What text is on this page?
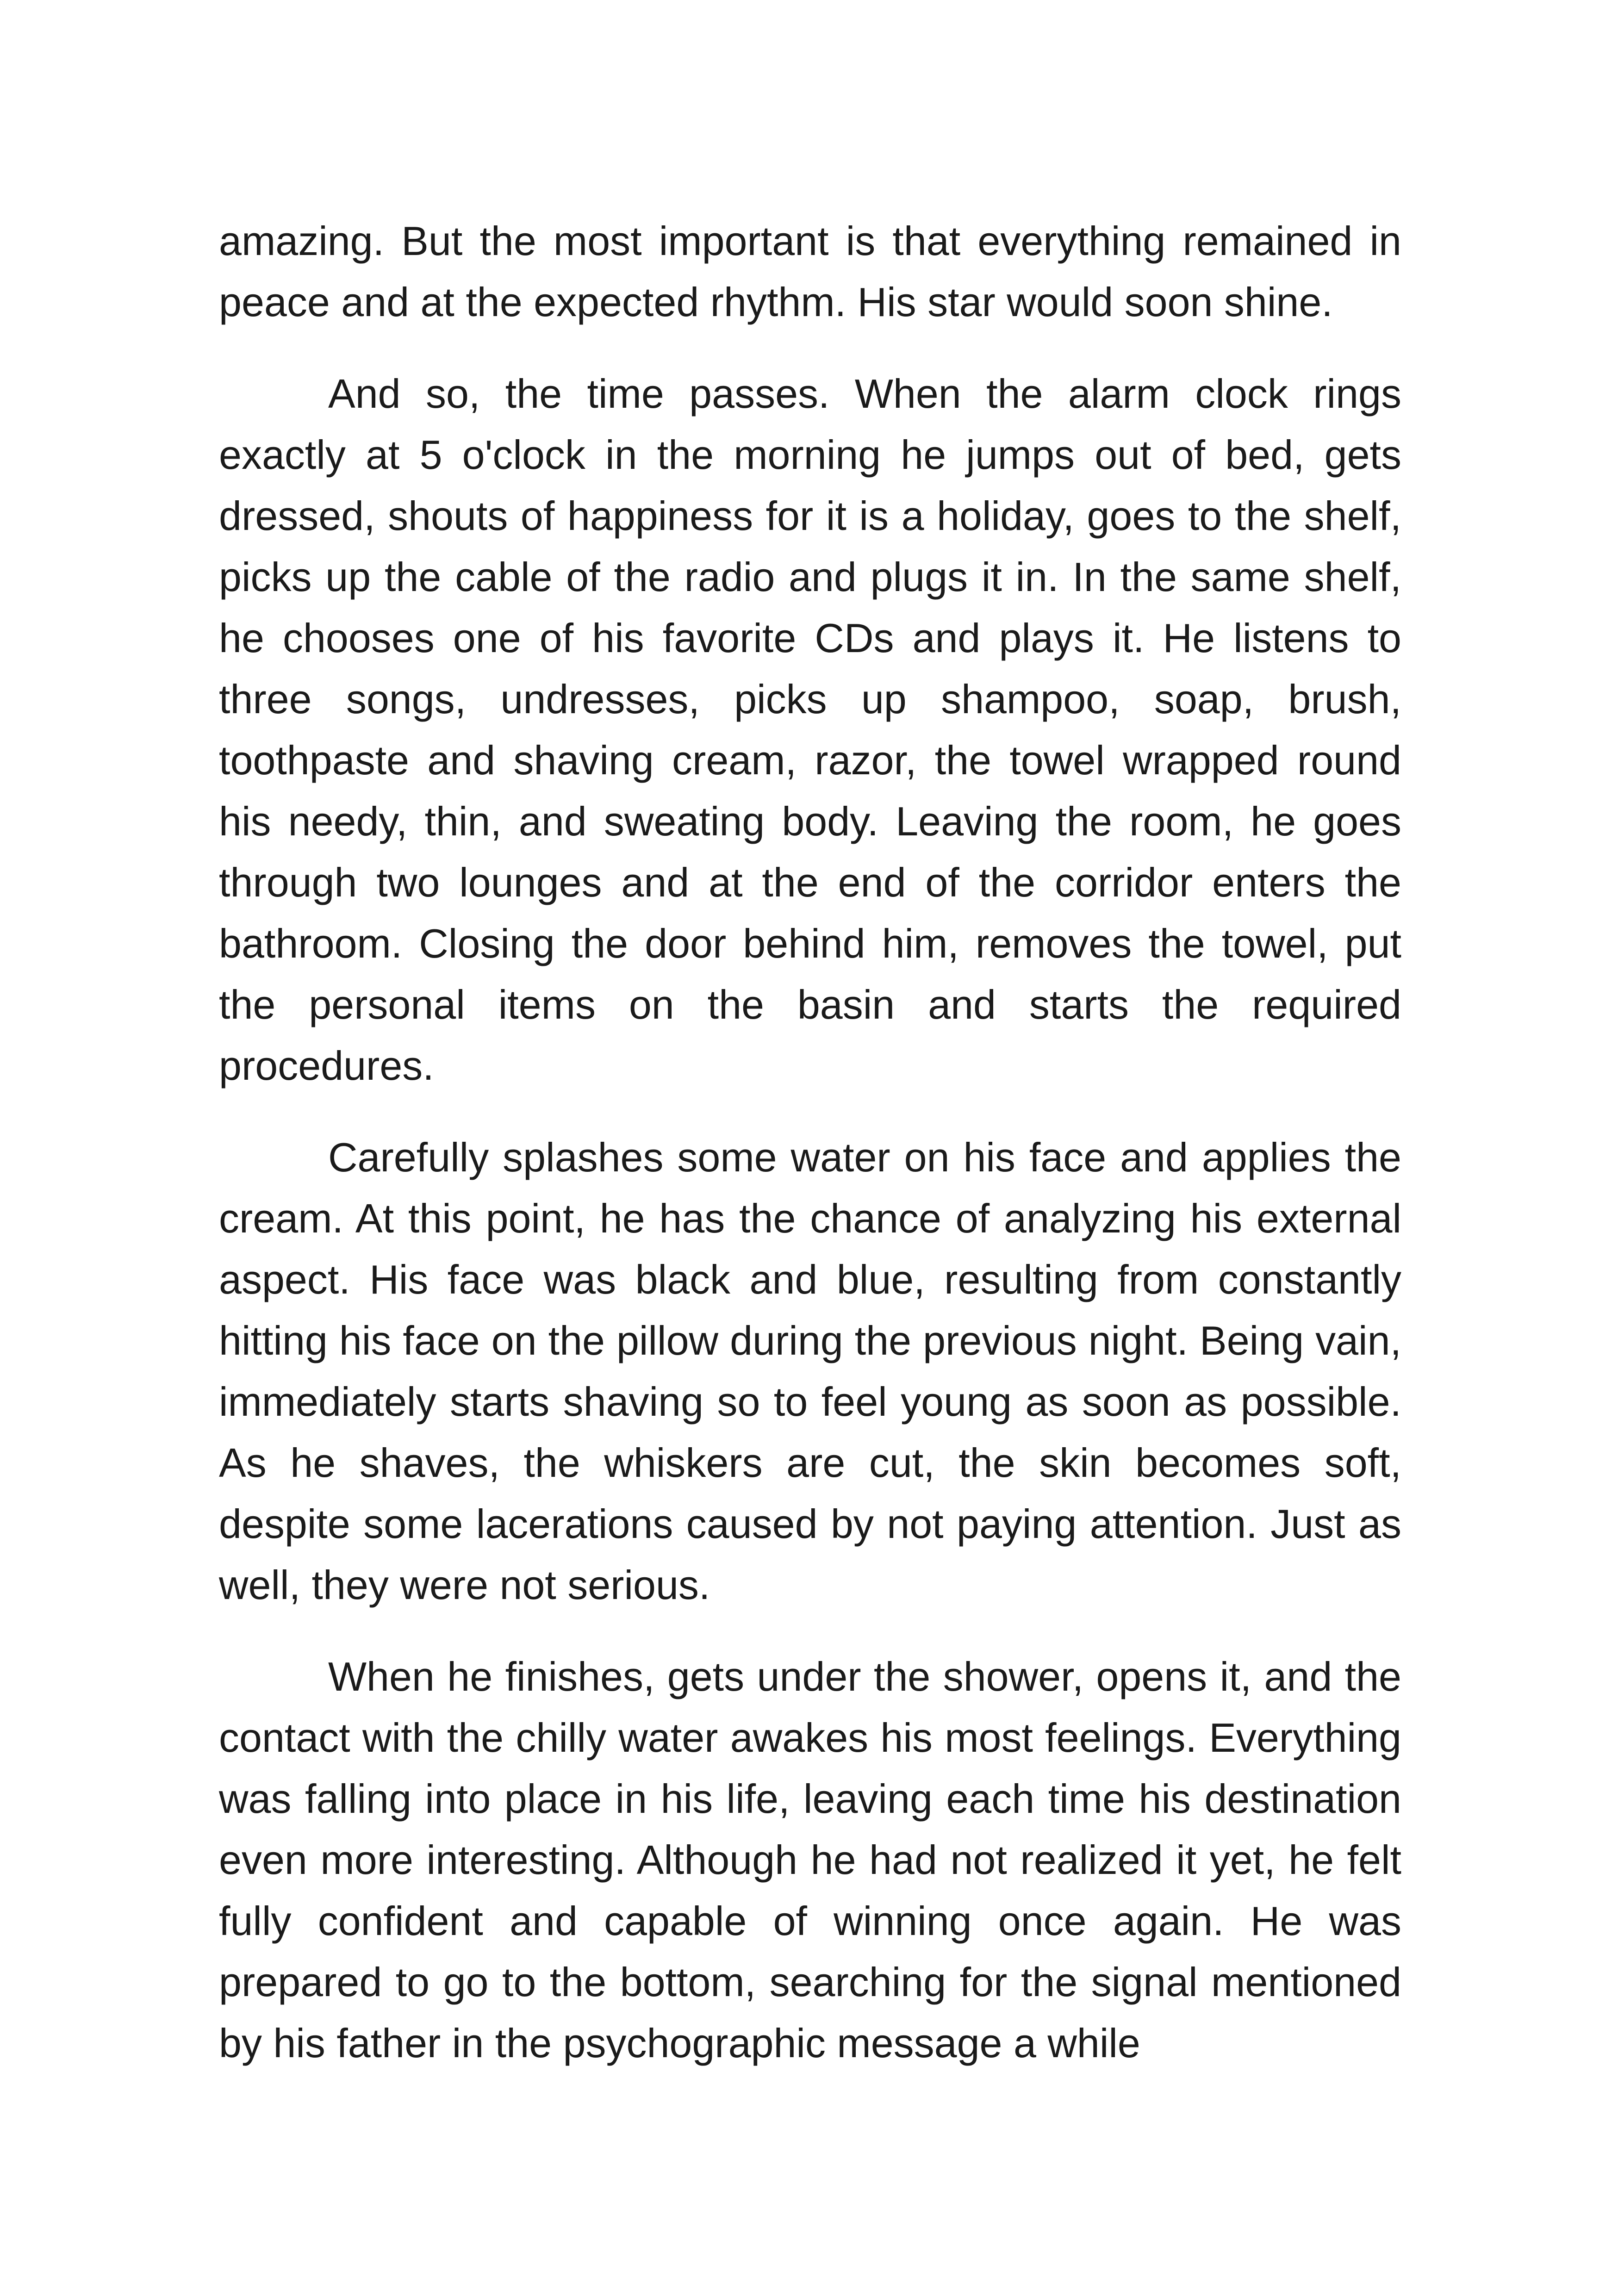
amazing. But the most important is that everything remained in peace and at the expected rhythm. His star would soon shine.

And so, the time passes. When the alarm clock rings exactly at 5 o'clock in the morning he jumps out of bed, gets dressed, shouts of happiness for it is a holiday, goes to the shelf, picks up the cable of the radio and plugs it in. In the same shelf, he chooses one of his favorite CDs and plays it. He listens to three songs, undresses, picks up shampoo, soap, brush, toothpaste and shaving cream, razor, the towel wrapped round his needy, thin, and sweating body. Leaving the room, he goes through two lounges and at the end of the corridor enters the bathroom. Closing the door behind him, removes the towel, put the personal items on the basin and starts the required procedures.

Carefully splashes some water on his face and applies the cream. At this point, he has the chance of analyzing his external aspect. His face was black and blue, resulting from constantly hitting his face on the pillow during the previous night. Being vain, immediately starts shaving so to feel young as soon as possible. As he shaves, the whiskers are cut, the skin becomes soft, despite some lacerations caused by not paying attention. Just as well, they were not serious.

When he finishes, gets under the shower, opens it, and the contact with the chilly water awakes his most feelings. Everything was falling into place in his life, leaving each time his destination even more interesting. Although he had not realized it yet, he felt fully confident and capable of winning once again. He was prepared to go to the bottom, searching for the signal mentioned by his father in the psychographic message a while
